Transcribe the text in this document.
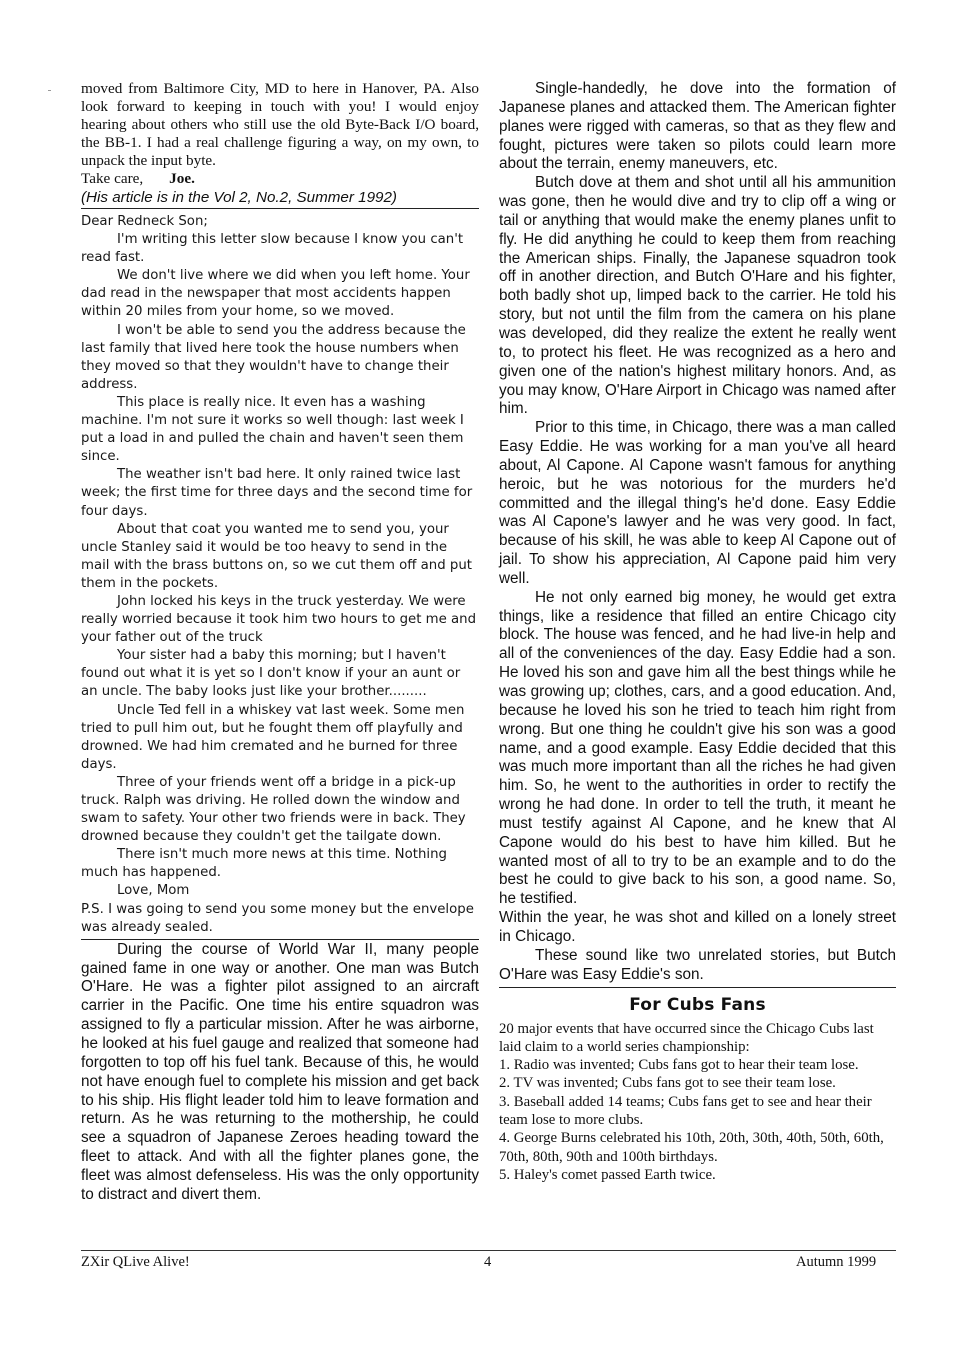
moved from Baltimore City, MD to here in Hanover, PA. Also look forward to keeping in touch with you! I would enjoy hearing about others who still use the old Byte-Back I/O board, the BB-1. I had a real challenge figuring a way, on my own, to unpack the input byte.

Take care, Joe.
(His article is in the Vol 2, No.2, Summer 1992)

Dear Redneck Son;

I'm writing this letter slow because I know you can't read fast.

We don't live where we did when you left home. Your dad read in the newspaper that most accidents happen within 20 miles from your home, so we moved.

I won't be able to send you the address because the last family that lived here took the house numbers when they moved so that they wouldn't have to change their address.

This place is really nice. It even has a washing machine. I'm not sure it works so well though: last week I put a load in and pulled the chain and haven't seen them since.

The weather isn't bad here. It only rained twice last week; the first time for three days and the second time for four days.

About that coat you wanted me to send you, your uncle Stanley said it would be too heavy to send in the mail with the brass buttons on, so we cut them off and put them in the pockets.

John locked his keys in the truck yesterday. We were really worried because it took him two hours to get me and your father out of the truck

Your sister had a baby this morning; but I haven't found out what it is yet so I don't know if your an aunt or an uncle. The baby looks just like your brother.........

Uncle Ted fell in a whiskey vat last week. Some men tried to pull him out, but he fought them off playfully and drowned. We had him cremated and he burned for three days.

Three of your friends went off a bridge in a pick-up truck. Ralph was driving. He rolled down the window and swam to safety. Your other two friends were in back. They drowned because they couldn't get the tailgate down.

There isn't much more news at this time. Nothing much has happened.

Love, Mom

P.S. I was going to send you some money but the envelope was already sealed.

During the course of World War II, many people gained fame in one way or another. One man was Butch O'Hare. He was a fighter pilot assigned to an aircraft carrier in the Pacific. One time his entire squadron was assigned to fly a particular mission. After he was airborne, he looked at his fuel gauge and realized that someone had forgotten to top off his fuel tank. Because of this, he would not have enough fuel to complete his mission and get back to his ship. His flight leader told him to leave formation and return. As he was returning to the mothership, he could see a squadron of Japanese Zeroes heading toward the fleet to attack. And with all the fighter planes gone, the fleet was almost defenseless. His was the only opportunity to distract and divert them.

Single-handedly, he dove into the formation of Japanese planes and attacked them. The American fighter planes were rigged with cameras, so that as they flew and fought, pictures were taken so pilots could learn more about the terrain, enemy maneuvers, etc.

Butch dove at them and shot until all his ammunition was gone, then he would dive and try to clip off a wing or tail or anything that would make the enemy planes unfit to fly. He did anything he could to keep them from reaching the American ships. Finally, the Japanese squadron took off in another direction, and Butch O'Hare and his fighter, both badly shot up, limped back to the carrier. He told his story, but not until the film from the camera on his plane was developed, did they realize the extent he really went to, to protect his fleet. He was recognized as a hero and given one of the nation's highest military honors. And, as you may know, O'Hare Airport in Chicago was named after him.

Prior to this time, in Chicago, there was a man called Easy Eddie. He was working for a man you've all heard about, Al Capone. Al Capone wasn't famous for anything heroic, but he was notorious for the murders he'd committed and the illegal thing's he'd done. Easy Eddie was Al Capone's lawyer and he was very good. In fact, because of his skill, he was able to keep Al Capone out of jail. To show his appreciation, Al Capone paid him very well.

He not only earned big money, he would get extra things, like a residence that filled an entire Chicago city block. The house was fenced, and he had live-in help and all of the conveniences of the day. Easy Eddie had a son. He loved his son and gave him all the best things while he was growing up; clothes, cars, and a good education. And, because he loved his son he tried to teach him right from wrong. But one thing he couldn't give his son was a good name, and a good example. Easy Eddie decided that this was much more important than all the riches he had given him. So, he went to the authorities in order to rectify the wrong he had done. In order to tell the truth, it meant he must testify against Al Capone, and he knew that Al Capone would do his best to have him killed. But he wanted most of all to try to be an example and to do the best he could to give back to his son, a good name. So, he testified.

Within the year, he was shot and killed on a lonely street in Chicago.

These sound like two unrelated stories, but Butch O'Hare was Easy Eddie's son.

For Cubs Fans

20 major events that have occurred since the Chicago Cubs last laid claim to a world series championship:

1. Radio was invented; Cubs fans got to hear their team lose.

2. TV was invented; Cubs fans got to see their team lose.

3. Baseball added 14 teams; Cubs fans get to see and hear their team lose to more clubs.

4. George Burns celebrated his 10th, 20th, 30th, 40th, 50th, 60th, 70th, 80th, 90th and 100th birthdays.

5. Haley's comet passed Earth twice.

ZXir QLive Alive!	4	Autumn 1999
